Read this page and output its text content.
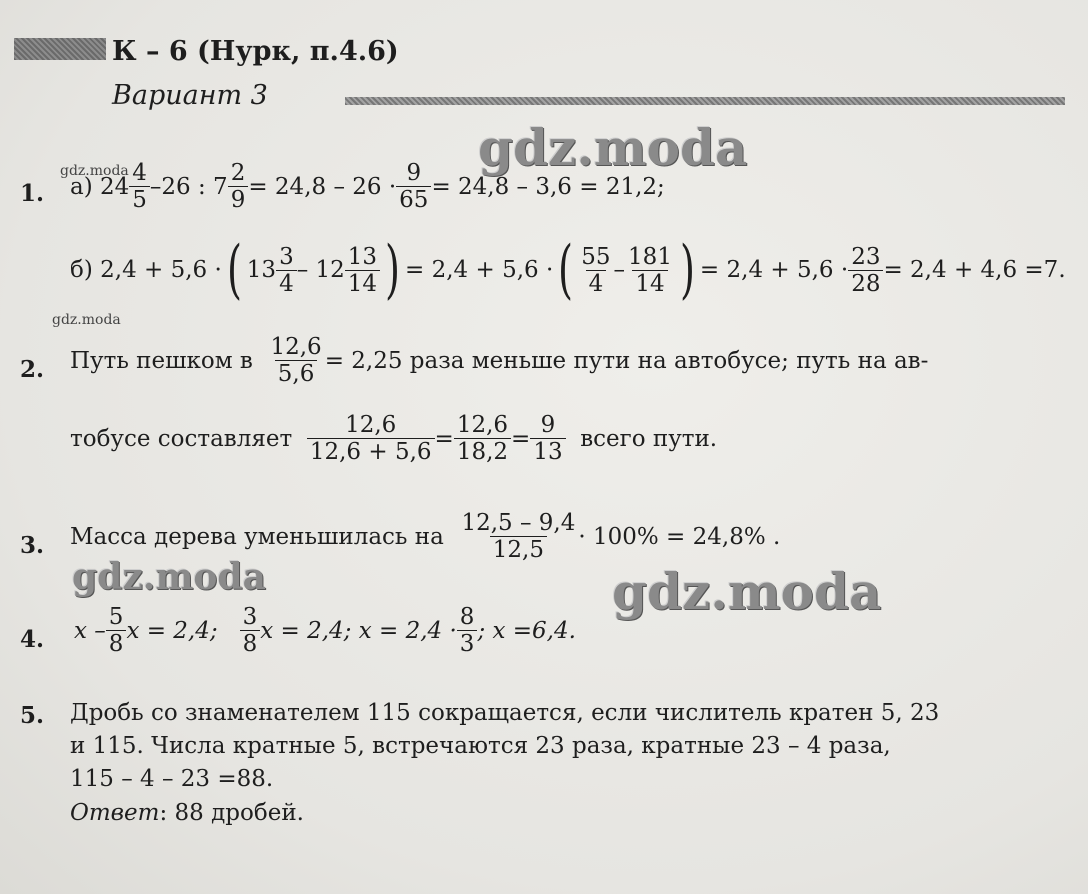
К – 6 (Нурк, п.4.6)
Вариант 3
gdz.moda
gdz.moda	gdz.moda
gdz.moda
gdz.moda
1. а)
$24 \frac{4}{5} -26$ : $7 \frac{2}{9} = 24,8 - 26 \cdot \frac{9}{65} = 24,8 - 3,6 = 21,2$;
б)
2,4 + 5,6 · ( $13 \frac{3}{4} - 12 \frac{13}{14}$ ) = 2,4 + 5,6 · ( $\frac{55}{4} - \frac{181}{14}$ ) = $2,4 + 5,6 \cdot \frac{23}{28} = 2,4 + 4,6 =7$.
2. Путь пешком в
$\frac{12,6}{5,6} = 2,25$ раза меньше пути на автобусе; путь на ав-
тобусе составляет
$\frac{12,6}{12,6 + 5,6} = \frac{12,6}{18,2} = \frac{9}{13}$
всего пути.
3. Масса дерева уменьшилась на
$\frac{12,5 - 9,4}{12,5} \cdot 100\% = 24,8\%$ .
4. x – $\frac{5}{8}$ x = 2,4;
$\frac{3}{8}$ x = 2,4; $x = 2,4 \cdot \frac{8}{3}$ ; x =6,4.
5. Дробь со знаменателем 115 сокращается, если числитель кратен 5, 23
и 115. Числа кратные 5, встречаются 23 раза, кратные 23 – 4 раза,
115 – 4 – 23 =88.
Ответ: 88 дробей.
